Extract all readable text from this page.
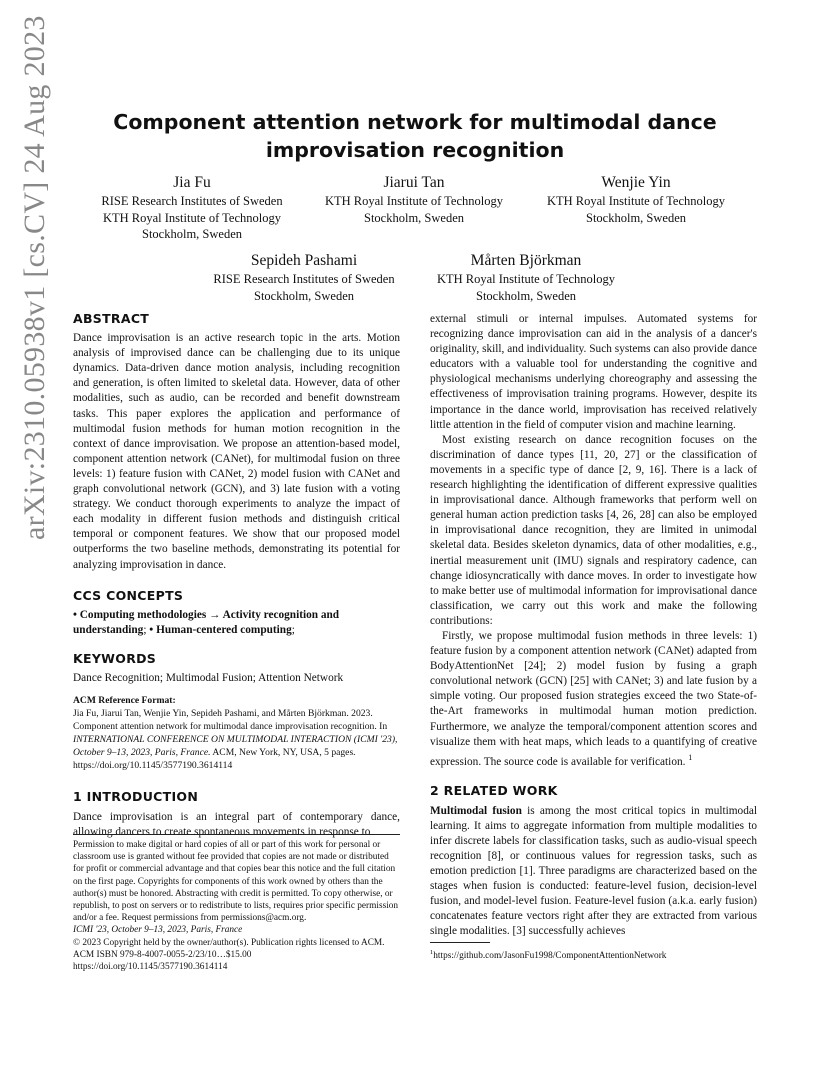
arXiv:2310.05938v1 [cs.CV] 24 Aug 2023	Component attention network for multimodal dance
improvisation recognition
Jia Fu
RISE Research Institutes of Sweden
KTH Royal Institute of Technology
Stockholm, Sweden
Jiarui Tan
KTH Royal Institute of Technology
Stockholm, Sweden
Wenjie Yin
KTH Royal Institute of Technology
Stockholm, Sweden
Sepideh Pashami
RISE Research Institutes of Sweden
Stockholm, Sweden
Mårten Björkman
KTH Royal Institute of Technology
Stockholm, Sweden
ABSTRACT

Dance improvisation is an active research topic in the arts. Motion analysis of improvised dance can be challenging due to its unique dynamics. Data-driven dance motion analysis, including recognition and generation, is often limited to skeletal data. However, data of other modalities, such as audio, can be recorded and benefit downstream tasks. This paper explores the application and performance of multimodal fusion methods for human motion recognition in the context of dance improvisation. We propose an attention-based model, component attention network (CANet), for multimodal fusion on three levels: 1) feature fusion with CANet, 2) model fusion with CANet and graph convolutional network (GCN), and 3) late fusion with a voting strategy. We conduct thorough experiments to analyze the impact of each modality in different fusion methods and distinguish critical temporal or component features. We show that our proposed model outperforms the two baseline methods, demonstrating its potential for analyzing improvisation in dance.

CCS CONCEPTS

• Computing methodologies → Activity recognition and understanding; • Human-centered computing;

KEYWORDS

Dance Recognition; Multimodal Fusion; Attention Network

ACM Reference Format:
Jia Fu, Jiarui Tan, Wenjie Yin, Sepideh Pashami, and Mårten Björkman. 2023. Component attention network for multimodal dance improvisation recognition. In INTERNATIONAL CONFERENCE ON MULTIMODAL INTERACTION (ICMI '23), October 9–13, 2023, Paris, France. ACM, New York, NY, USA, 5 pages. https://doi.org/10.1145/3577190.3614114
1 INTRODUCTION

Dance improvisation is an integral part of contemporary dance, allowing dancers to create spontaneous movements in response to

Permission to make digital or hard copies of all or part of this work for personal or classroom use is granted without fee provided that copies are not made or distributed for profit or commercial advantage and that copies bear this notice and the full citation on the first page. Copyrights for components of this work owned by others than the author(s) must be honored. Abstracting with credit is permitted. To copy otherwise, or republish, to post on servers or to redistribute to lists, requires prior specific permission and/or a fee. Request permissions from permissions@acm.org.
ICMI '23, October 9–13, 2023, Paris, France
© 2023 Copyright held by the owner/author(s). Publication rights licensed to ACM.
ACM ISBN 979-8-4007-0055-2/23/10…$15.00
https://doi.org/10.1145/3577190.3614114

external stimuli or internal impulses. Automated systems for recognizing dance improvisation can aid in the analysis of a dancer's originality, skill, and individuality. Such systems can also provide dance educators with a valuable tool for understanding the cognitive and physiological mechanisms underlying choreography and assessing the effectiveness of improvisation training programs. However, despite its importance in the dance world, improvisation has received relatively little attention in the field of computer vision and machine learning.

Most existing research on dance recognition focuses on the discrimination of dance types [11, 20, 27] or the classification of movements in a specific type of dance [2, 9, 16]. There is a lack of research highlighting the identification of different expressive qualities in improvisational dance. Although frameworks that perform well on general human action prediction tasks [4, 26, 28] can also be employed in improvisational dance recognition, they are limited in unimodal skeletal data. Besides skeleton dynamics, data of other modalities, e.g., inertial measurement unit (IMU) signals and respiratory cadence, can change idiosyncratically with dance moves. In order to investigate how to make better use of multimodal information for improvisational dance classification, we carry out this work and make the following contributions:

Firstly, we propose multimodal fusion methods in three levels: 1) feature fusion by a component attention network (CANet) adapted from BodyAttentionNet [24]; 2) model fusion by fusing a graph convolutional network (GCN) [25] with CANet; 3) and late fusion by a simple voting. Our proposed fusion strategies exceed the two State-of-the-Art frameworks in multimodal human motion prediction. Furthermore, we analyze the temporal/component attention scores and visualize them with heat maps, which leads to a quantifying of creative expression. The source code is available for verification. $^1$

2 RELATED WORK

Multimodal fusion is among the most critical topics in multimodal learning. It aims to aggregate information from multiple modalities to infer discrete labels for classification tasks, such as audio-visual speech recognition [8], or continuous values for regression tasks, such as emotion prediction [1]. Three paradigms are characterized based on the stages when fusion is conducted: feature-level fusion, decision-level fusion, and model-level fusion. Feature-level fusion (a.k.a. early fusion) concatenates feature vectors right after they are extracted from various single modalities. [3] successfully achieves

$^1$https://github.com/JasonFu1998/ComponentAttentionNetwork
